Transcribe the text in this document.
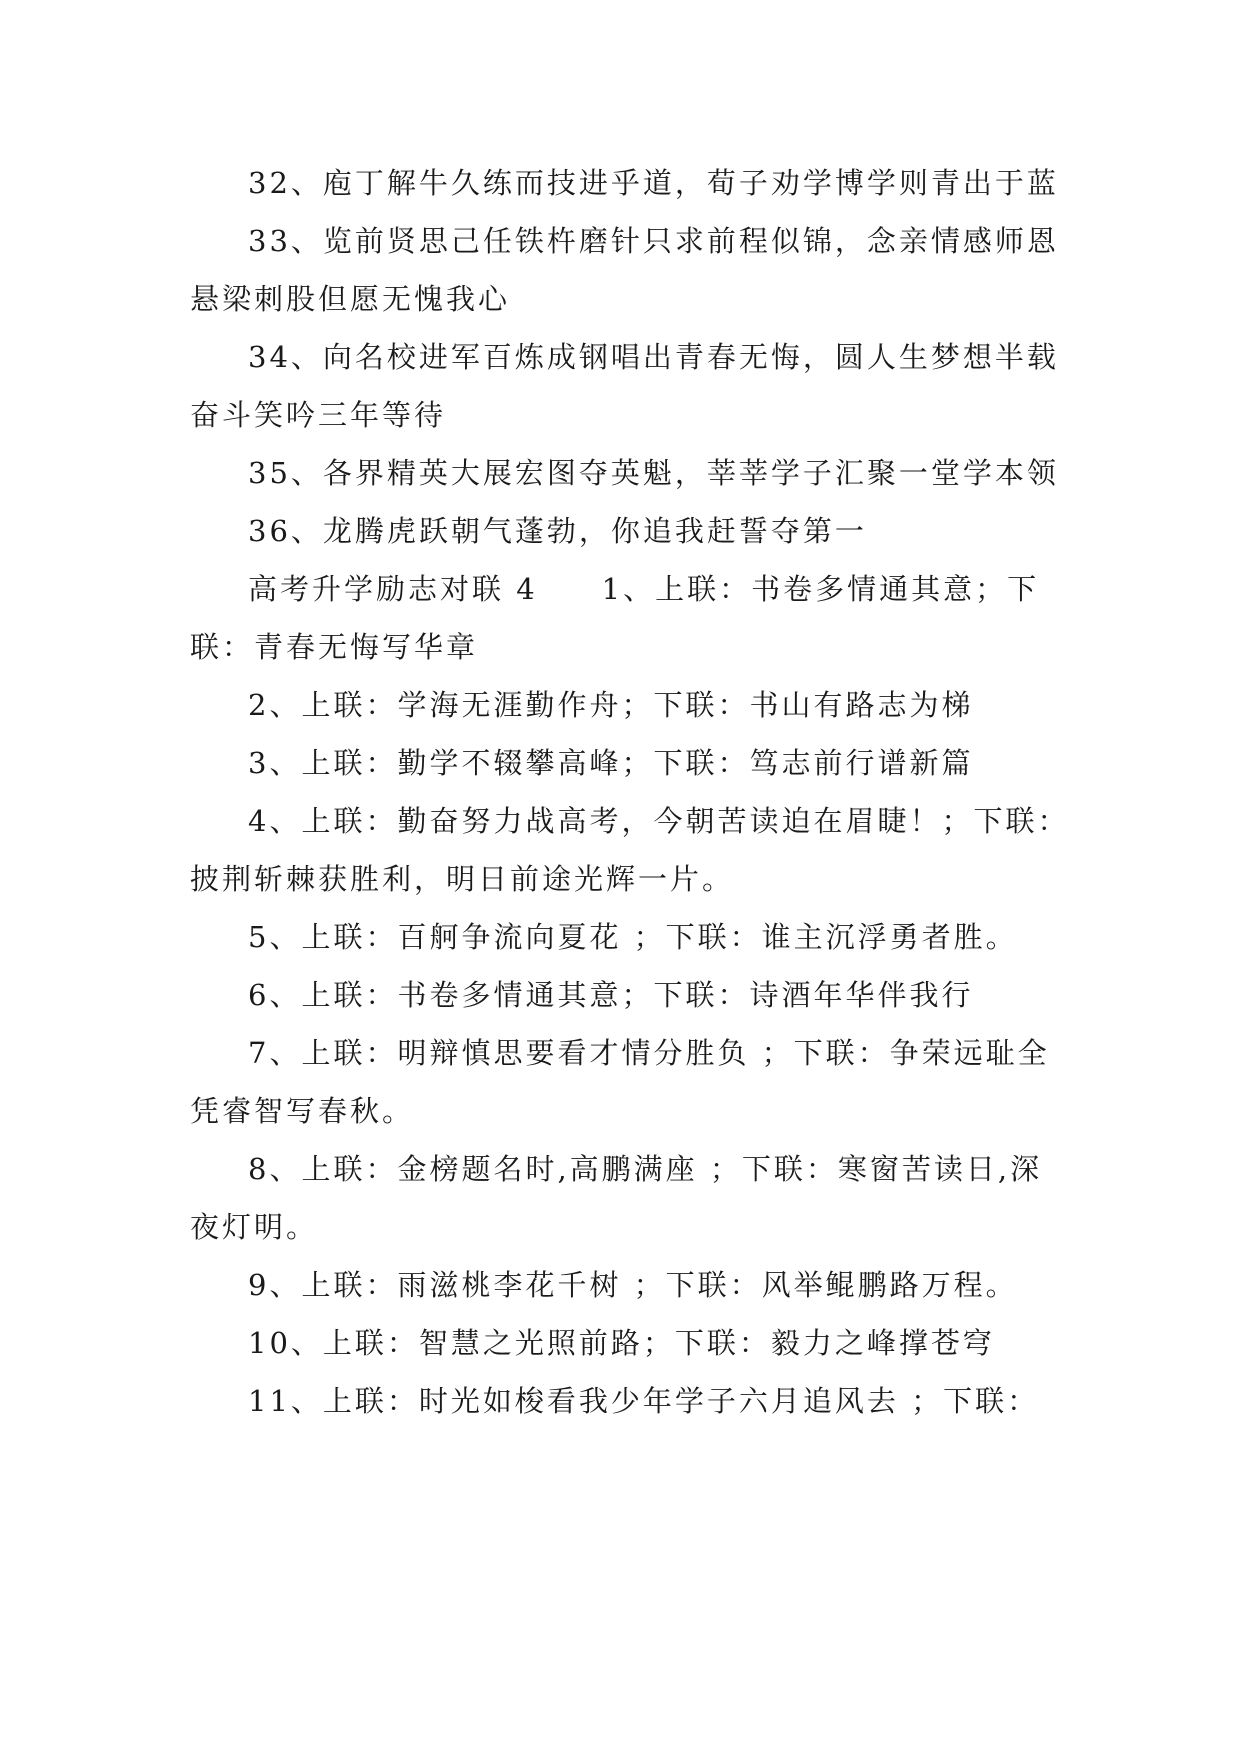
32、庖丁解牛久练而技进乎道，荀子劝学博学则青出于蓝

33、览前贤思己任铁杵磨针只求前程似锦，念亲情感师恩悬梁刺股但愿无愧我心

34、向名校进军百炼成钢唱出青春无悔，圆人生梦想半载奋斗笑吟三年等待

35、各界精英大展宏图夺英魁，莘莘学子汇聚一堂学本领

36、龙腾虎跃朝气蓬勃，你追我赶誓夺第一

高考升学励志对联 4　　1、上联：书卷多情通其意；下联：青春无悔写华章

2、上联：学海无涯勤作舟；下联：书山有路志为梯

3、上联：勤学不辍攀高峰；下联：笃志前行谱新篇

4、上联：勤奋努力战高考，今朝苦读迫在眉睫！；下联：披荆斩棘获胜利，明日前途光辉一片。

5、上联：百舸争流向夏花 ；下联：谁主沉浮勇者胜。

6、上联：书卷多情通其意；下联：诗酒年华伴我行

7、上联：明辩慎思要看才情分胜负 ；下联：争荣远耻全凭睿智写春秋。

8、上联：金榜题名时,高鹏满座 ；下联：寒窗苦读日,深夜灯明。

9、上联：雨滋桃李花千树 ；下联：风举鲲鹏路万程。

10、上联：智慧之光照前路；下联：毅力之峰撑苍穹

11、上联：时光如梭看我少年学子六月追风去 ；下联：
